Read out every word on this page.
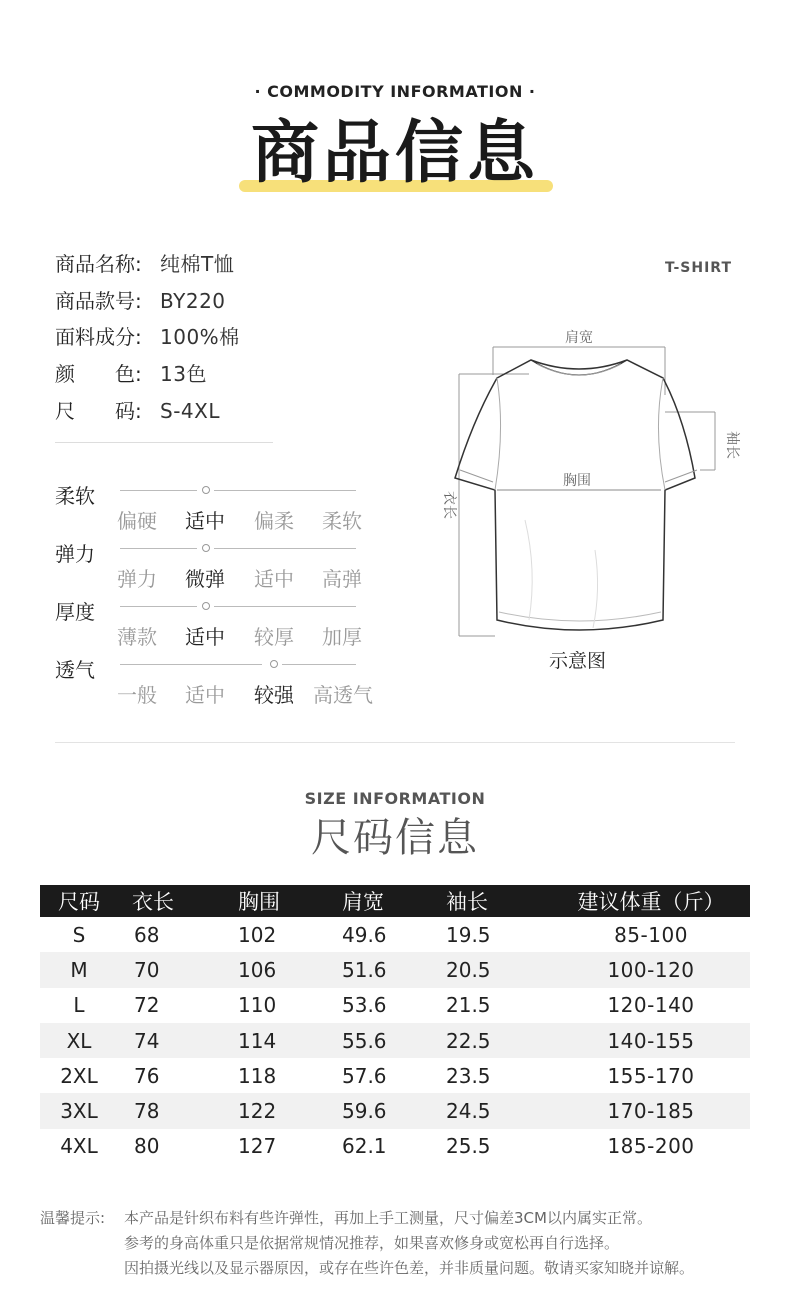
· COMMODITY INFORMATION ·
商品信息
商品名称: 纯棉T恤
商品款号: BY220
面料成分: 100%棉
颜　　色: 13色
尺　　码: S-4XL
柔软
偏硬 适中 偏柔 柔软
弹力
弹力 微弹 适中 高弹
厚度
薄款 适中 较厚 加厚
透气
一般 适中 较强 高透气
T-SHIRT
肩宽
衣长
袖长
胸围
示意图
SIZE INFORMATION
尺码信息
尺码	衣长	胸围	肩宽	袖长	建议体重（斤）
S	68	102	49.6	19.5	85-100
M	70	106	51.6	20.5	100-120
L	72	110	53.6	21.5	120-140
XL	74	114	55.6	22.5	140-155
2XL	76	118	57.6	23.5	155-170
3XL	78	122	59.6	24.5	170-185
4XL	80	127	62.1	25.5	185-200
温馨提示: 本产品是针织布料有些许弹性，再加上手工测量，尺寸偏差3CM以内属实正常。
参考的身高体重只是依据常规情况推荐，如果喜欢修身或宽松再自行选择。
因拍摄光线以及显示器原因，或存在些许色差，并非质量问题。敬请买家知晓并谅解。
